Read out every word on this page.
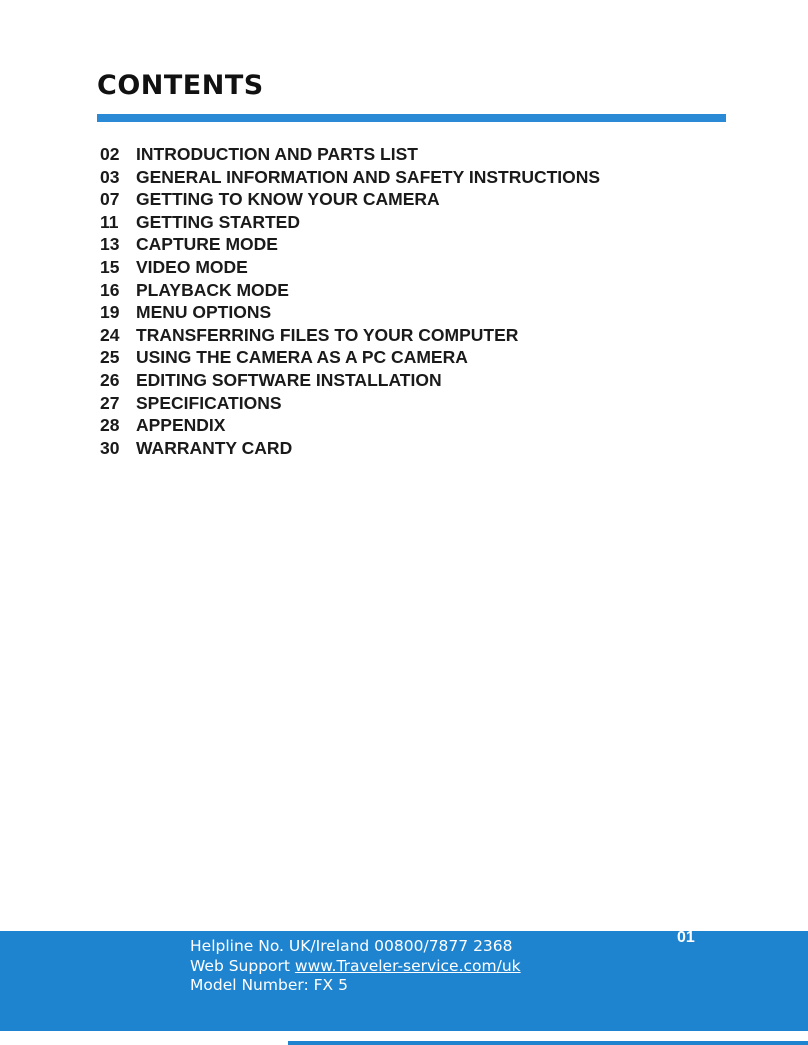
CONTENTS
02 INTRODUCTION AND PARTS LIST
03 GENERAL INFORMATION AND SAFETY INSTRUCTIONS
07 GETTING TO KNOW YOUR CAMERA
11	GETTING STARTED
13 CAPTURE MODE
15 VIDEO MODE
16 PLAYBACK MODE
19 MENU OPTIONS
24 TRANSFERRING FILES TO YOUR COMPUTER
25 USING THE CAMERA AS A PC CAMERA
26 EDITING SOFTWARE INSTALLATION
27 SPECIFICATIONS
28 APPENDIX
30 WARRANTY CARD
Helpline No. UK/Ireland 00800/7877 2368
Web Support www.Traveler-service.com/uk
Model Number: FX 5
01
